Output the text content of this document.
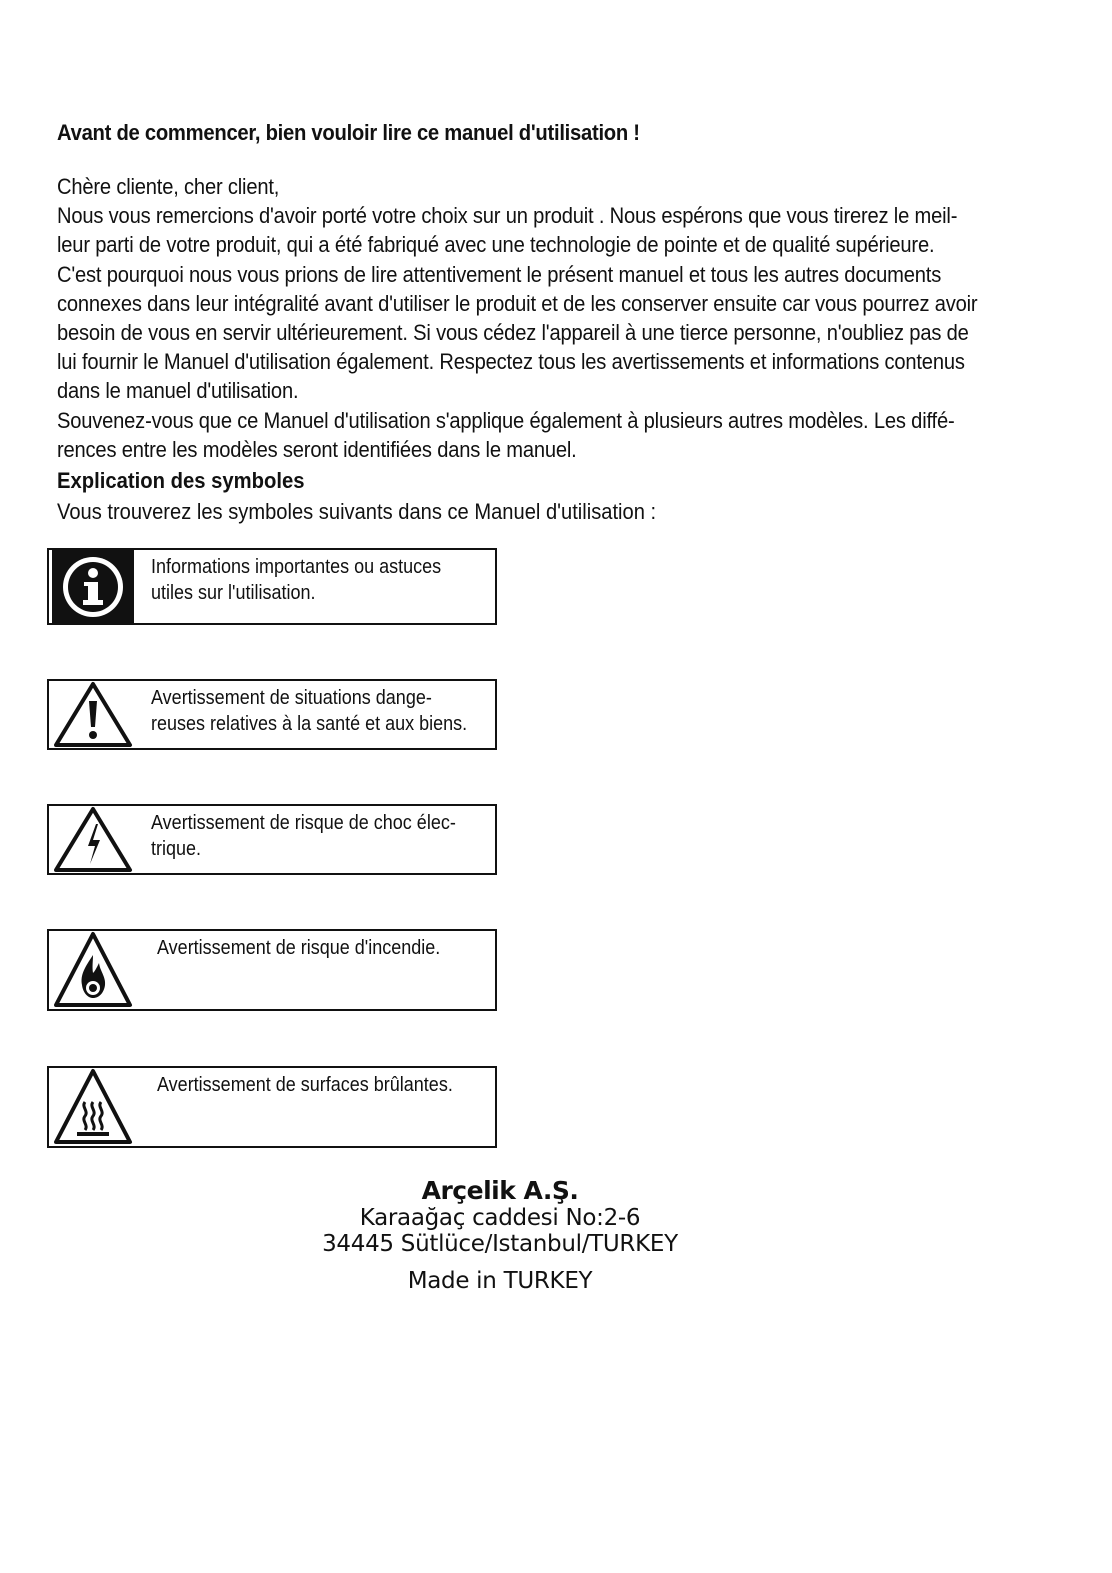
Avant de commencer, bien vouloir lire ce manuel d'utilisation !
Chère cliente, cher client,
Nous vous remercions d'avoir porté votre choix sur un produit . Nous espérons que vous tirerez le meil-
leur parti de votre produit, qui a été fabriqué avec une technologie de pointe et de qualité supérieure.
C'est pourquoi nous vous prions de lire attentivement le présent manuel et tous les autres documents
connexes dans leur intégralité avant d'utiliser le produit et de les conserver ensuite car vous pourrez avoir
besoin de vous en servir ultérieurement. Si vous cédez l'appareil à une tierce personne, n'oubliez pas de
lui fournir le Manuel d'utilisation également. Respectez tous les avertissements et informations contenus
dans le manuel d'utilisation.
Souvenez-vous que ce Manuel d'utilisation s'applique également à plusieurs autres modèles. Les diffé-
rences entre les modèles seront identifiées dans le manuel.
Explication des symboles
Vous trouverez les symboles suivants dans ce Manuel d'utilisation :
Informations importantes ou astuces
utiles sur l'utilisation.
Avertissement de situations dange-
reuses relatives à la santé et aux biens.
Avertissement de risque de choc élec-
trique.
Avertissement de risque d'incendie.
Avertissement de surfaces brûlantes.
Arçelik A.Ş.
Karaağaç caddesi No:2-6
34445 Sütlüce/Istanbul/TURKEY
Made in TURKEY
